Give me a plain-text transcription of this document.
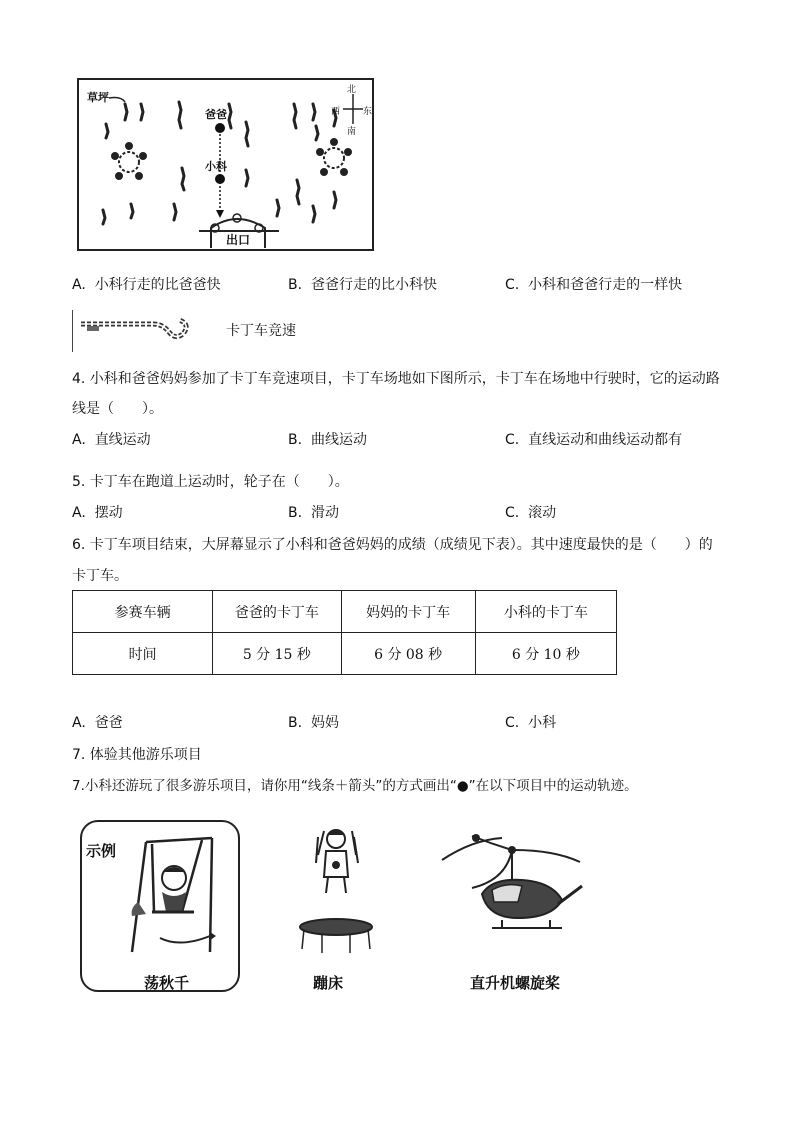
草坪
爸爸
小科
北
西	东
南
出口
A. 小科行走的比爸爸快	B. 爸爸行走的比小科快	C. 小科和爸爸行走的一样快
卡丁车竞速
4. 小科和爸爸妈妈参加了卡丁车竞速项目，卡丁车场地如下图所示，卡丁车在场地中行驶时，它的运动路
线是（　　）。
A. 直线运动	B. 曲线运动	C. 直线运动和曲线运动都有
5. 卡丁车在跑道上运动时，轮子在（　　）。
A. 摆动	B. 滑动	C. 滚动
6. 卡丁车项目结束，大屏幕显示了小科和爸爸妈妈的成绩（成绩见下表）。其中速度最快的是（　　）的
卡丁车。
参赛车辆	爸爸的卡丁车	妈妈的卡丁车	小科的卡丁车
时间	5 分 15 秒	6 分 08 秒	6 分 10 秒
A. 爸爸	B. 妈妈	C. 小科
7. 体验其他游乐项目
7.小科还游玩了很多游乐项目，请你用“线条＋箭头”的方式画出“●”在以下项目中的运动轨迹。
示例
荡秋千	蹦床	直升机螺旋桨
